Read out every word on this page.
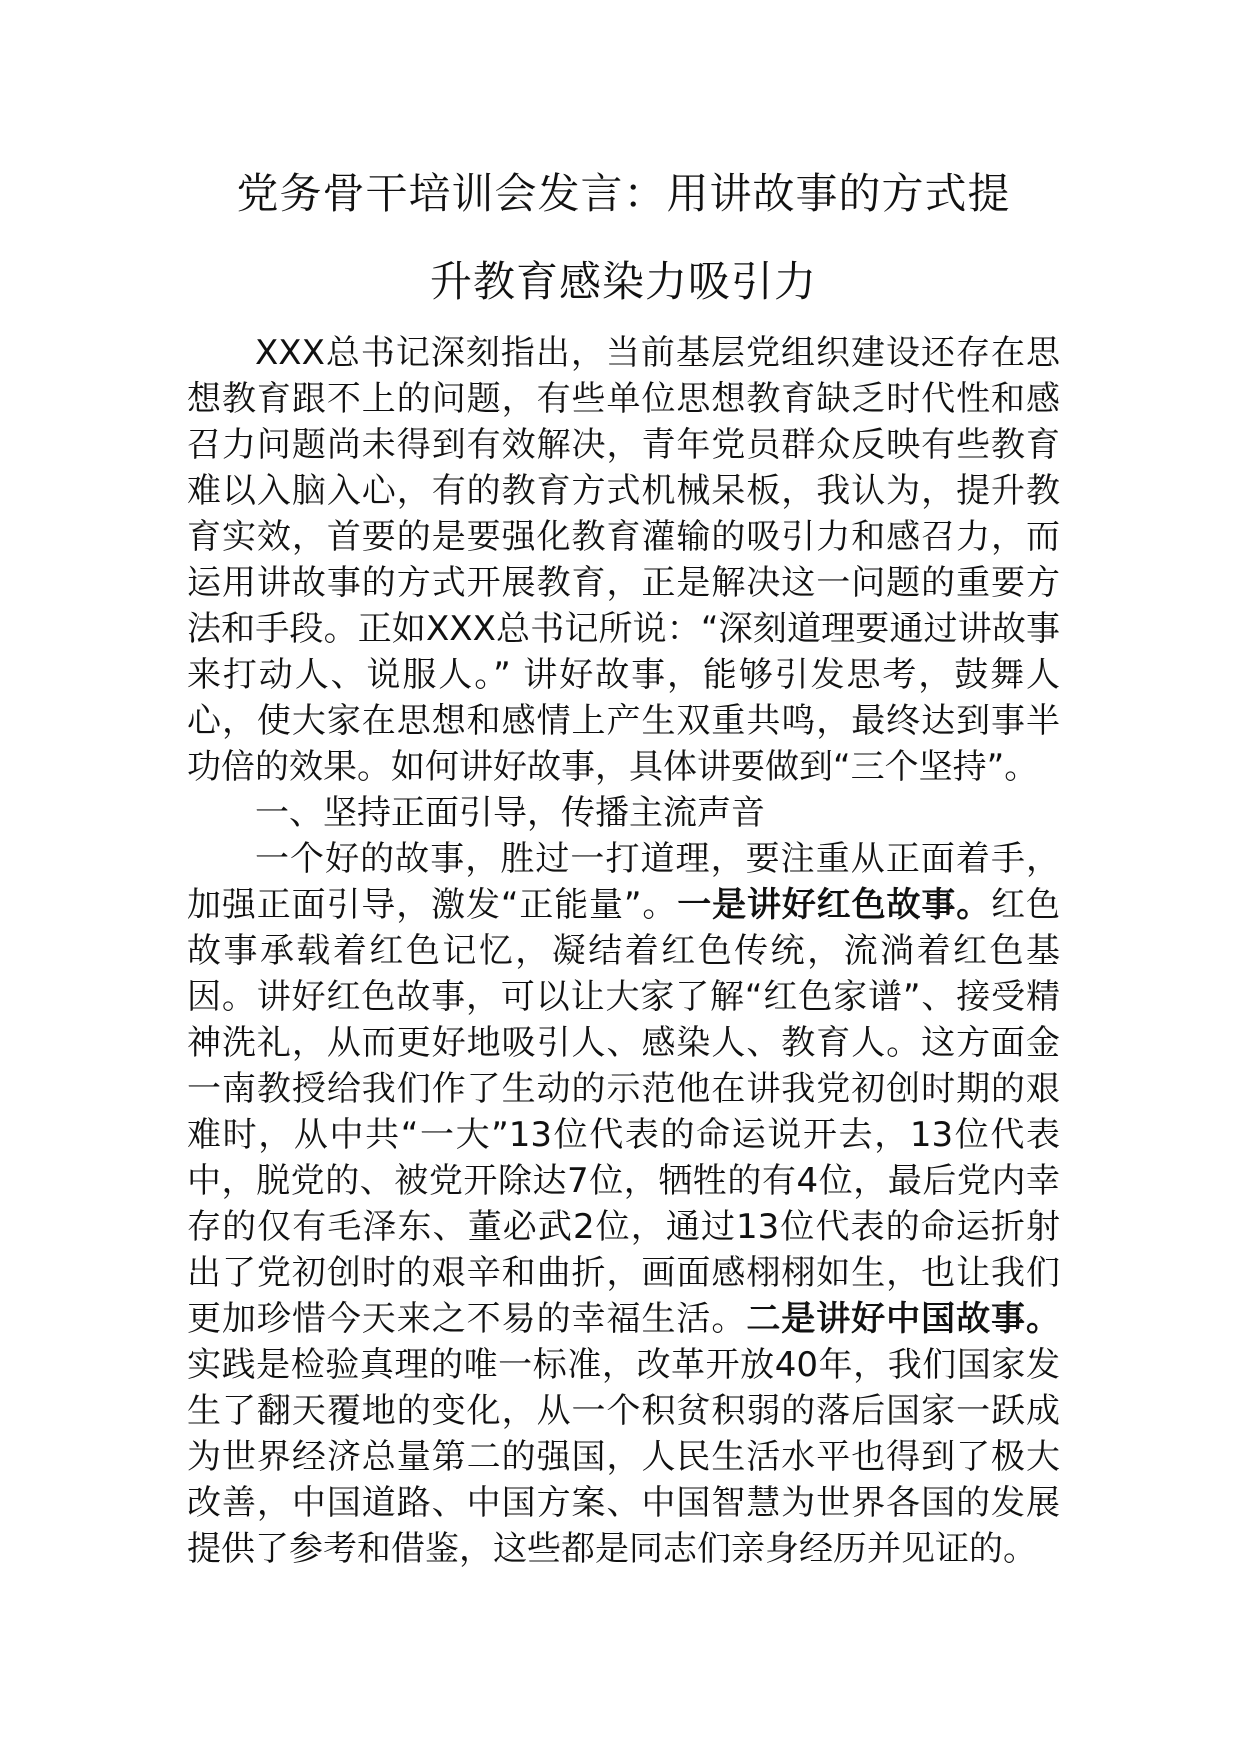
党务骨干培训会发言：用讲故事的方式提
升教育感染力吸引力

XXX总书记深刻指出，当前基层党组织建设还存在思想教育跟不上的问题，有些单位思想教育缺乏时代性和感召力问题尚未得到有效解决，青年党员群众反映有些教育难以入脑入心，有的教育方式机械呆板，我认为，提升教育实效，首要的是要强化教育灌输的吸引力和感召力，而运用讲故事的方式开展教育，正是解决这一问题的重要方法和手段。正如XXX总书记所说：“深刻道理要通过讲故事来打动人、说服人。” 讲好故事，能够引发思考，鼓舞人心，使大家在思想和感情上产生双重共鸣，最终达到事半功倍的效果。如何讲好故事，具体讲要做到“三个坚持”。

一、坚持正面引导，传播主流声音

一个好的故事，胜过一打道理，要注重从正面着手，加强正面引导，激发“正能量”。一是讲好红色故事。红色故事承载着红色记忆，凝结着红色传统，流淌着红色基因。讲好红色故事，可以让大家了解“红色家谱”、接受精神洗礼，从而更好地吸引人、感染人、教育人。这方面金一南教授给我们作了生动的示范他在讲我党初创时期的艰难时，从中共“一大”13位代表的命运说开去，13位代表中，脱党的、被党开除达7位，牺牲的有4位，最后党内幸存的仅有毛泽东、董必武2位，通过13位代表的命运折射出了党初创时的艰辛和曲折，画面感栩栩如生，也让我们更加珍惜今天来之不易的幸福生活。二是讲好中国故事。实践是检验真理的唯一标准，改革开放40年，我们国家发生了翻天覆地的变化，从一个积贫积弱的落后国家一跃成为世界经济总量第二的强国，人民生活水平也得到了极大改善，中国道路、中国方案、中国智慧为世界各国的发展提供了参考和借鉴，这些都是同志们亲身经历并见证的。
